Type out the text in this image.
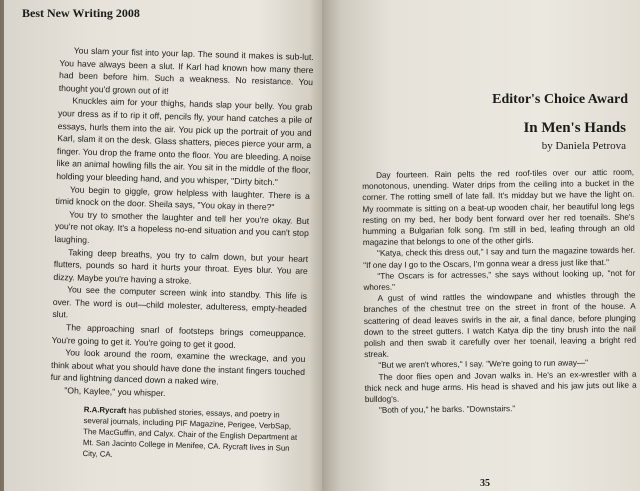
Best New Writing 2008

You slam your fist into your lap. The sound it makes is sub-lut. You have always been a slut. If Karl had known how many there had been before him. Such a weakness. No resistance. You thought you'd grown out of it!

Knuckles aim for your thighs, hands slap your belly. You grab your dress as if to rip it off, pencils fly, your hand catches a pile of essays, hurls them into the air. You pick up the portrait of you and Karl, slam it on the desk. Glass shatters, pieces pierce your arm, a finger. You drop the frame onto the floor. You are bleeding. A noise like an animal howling fills the air. You sit in the middle of the floor, holding your bleeding hand, and you whisper, "Dirty bitch."

You begin to giggle, grow helpless with laughter. There is a timid knock on the door. Sheila says, "You okay in there?"

You try to smother the laughter and tell her you're okay. But you're not okay. It's a hopeless no-end situation and you can't stop laughing.

Taking deep breaths, you try to calm down, but your heart flutters, pounds so hard it hurts your throat. Eyes blur. You are dizzy. Maybe you're having a stroke.

You see the computer screen wink into standby. This life is over. The word is out—child molester, adulteress, empty-headed slut.

The approaching snarl of footsteps brings comeuppance. You're going to get it. You're going to get it good.

You look around the room, examine the wreckage, and you think about what you should have done the instant fingers touched fur and lightning danced down a naked wire.

"Oh, Kaylee," you whisper.

R.A.Rycraft has published stories, essays, and poetry in several journals, including PIF Magazine, Perigee, VerbSap, The MacGuffin, and Calyx. Chair of the English Department at Mt. San Jacinto College in Menifee, CA. Rycraft lives in Sun City, CA.
Editor's Choice Award
In Men's Hands
by Daniela Petrova

Day fourteen. Rain pelts the red roof-tiles over our attic room, monotonous, unending. Water drips from the ceiling into a bucket in the corner. The rotting smell of late fall. It's midday but we have the light on. My roommate is sitting on a beat-up wooden chair, her beautiful long legs resting on my bed, her body bent forward over her red toenails. She's humming a Bulgarian folk song. I'm still in bed, leafing through an old magazine that belongs to one of the other girls.

"Katya, check this dress out," I say and turn the magazine towards her. "If one day I go to the Oscars, I'm gonna wear a dress just like that."

"The Oscars is for actresses," she says without looking up, "not for whores."

A gust of wind rattles the windowpane and whistles through the branches of the chestnut tree on the street in front of the house. A scattering of dead leaves swirls in the air, a final dance, before plunging down to the street gutters. I watch Katya dip the tiny brush into the nail polish and then swab it carefully over her toenail, leaving a bright red streak.

"But we aren't whores," I say. "We're going to run away—"

The door flies open and Jovan walks in. He's an ex-wrestler with a thick neck and huge arms. His head is shaved and his jaw juts out like a bulldog's.

"Both of you," he barks. "Downstairs."

35
